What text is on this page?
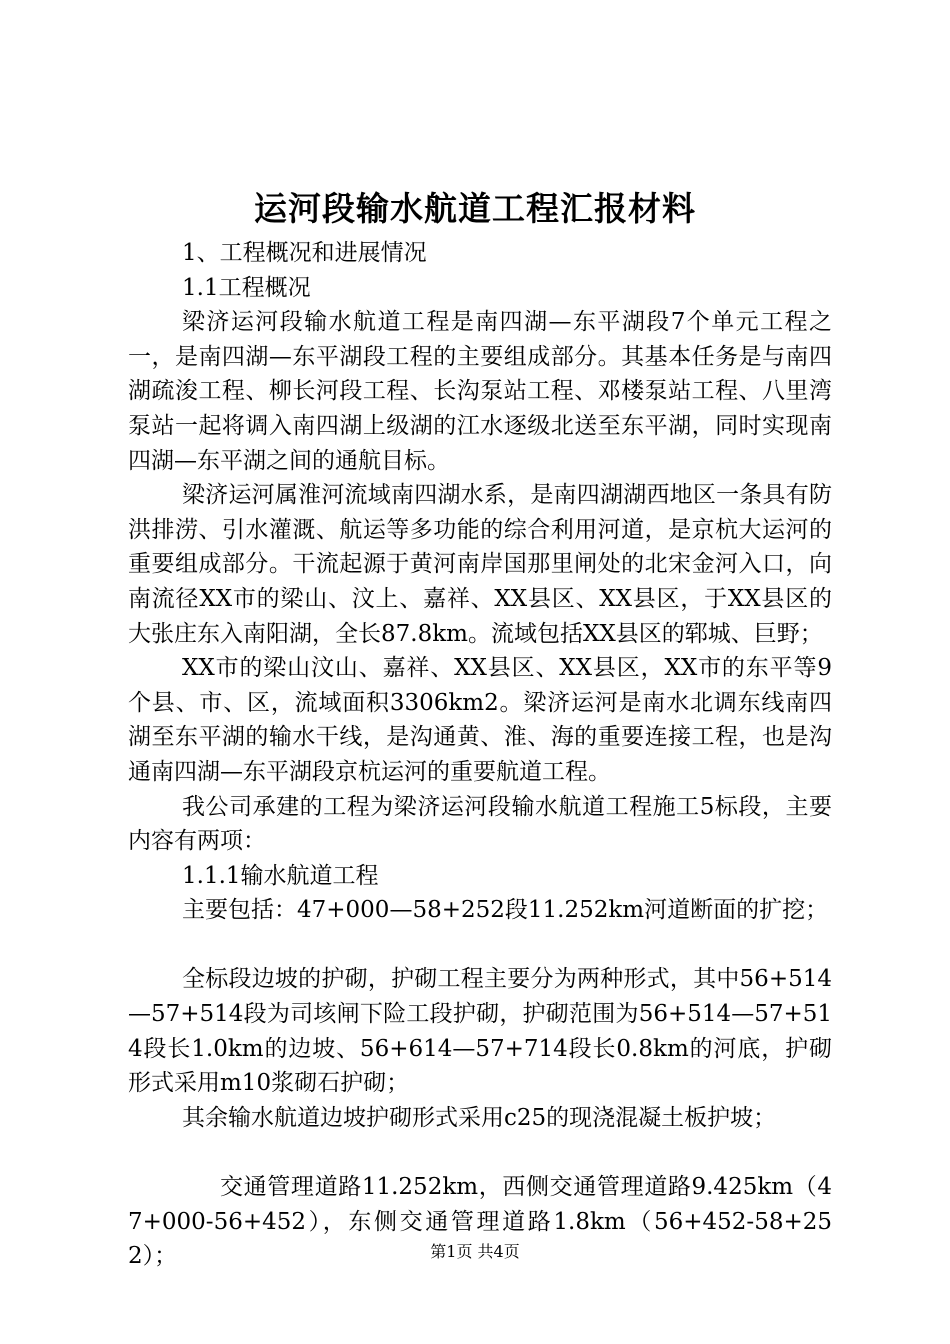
运河段输水航道工程汇报材料

1、工程概况和进展情况

1.1工程概况

梁济运河段输水航道工程是南四湖—东平湖段7个单元工程之一，是南四湖—东平湖段工程的主要组成部分。其基本任务是与南四湖疏浚工程、柳长河段工程、长沟泵站工程、邓楼泵站工程、八里湾泵站一起将调入南四湖上级湖的江水逐级北送至东平湖，同时实现南四湖—东平湖之间的通航目标。

梁济运河属淮河流域南四湖水系，是南四湖湖西地区一条具有防洪排涝、引水灌溉、航运等多功能的综合利用河道，是京杭大运河的重要组成部分。干流起源于黄河南岸国那里闸处的北宋金河入口，向南流径XX市的梁山、汶上、嘉祥、XX县区、XX县区，于XX县区的大张庄东入南阳湖，全长87.8km。流域包括XX县区的郓城、巨野；

XX市的梁山汶山、嘉祥、XX县区、XX县区，XX市的东平等9个县、市、区，流域面积3306km2。梁济运河是南水北调东线南四湖至东平湖的输水干线，是沟通黄、淮、海的重要连接工程，也是沟通南四湖—东平湖段京杭运河的重要航道工程。

我公司承建的工程为梁济运河段输水航道工程施工5标段，主要内容有两项：

1.1.1输水航道工程

主要包括：47+000—58+252段11.252km河道断面的扩挖；

全标段边坡的护砌，护砌工程主要分为两种形式，其中56+514—57+514段为司垓闸下险工段护砌，护砌范围为56+514—57+514段长1.0km的边坡、56+614—57+714段长0.8km的河底，护砌形式采用m10浆砌石护砌；

其余输水航道边坡护砌形式采用c25的现浇混凝土板护坡；

交通管理道路11.252km，西侧交通管理道路9.425km（47+000-56+452），东侧交通管理道路1.8km（56+452-58+252）；	第1页 共4页
